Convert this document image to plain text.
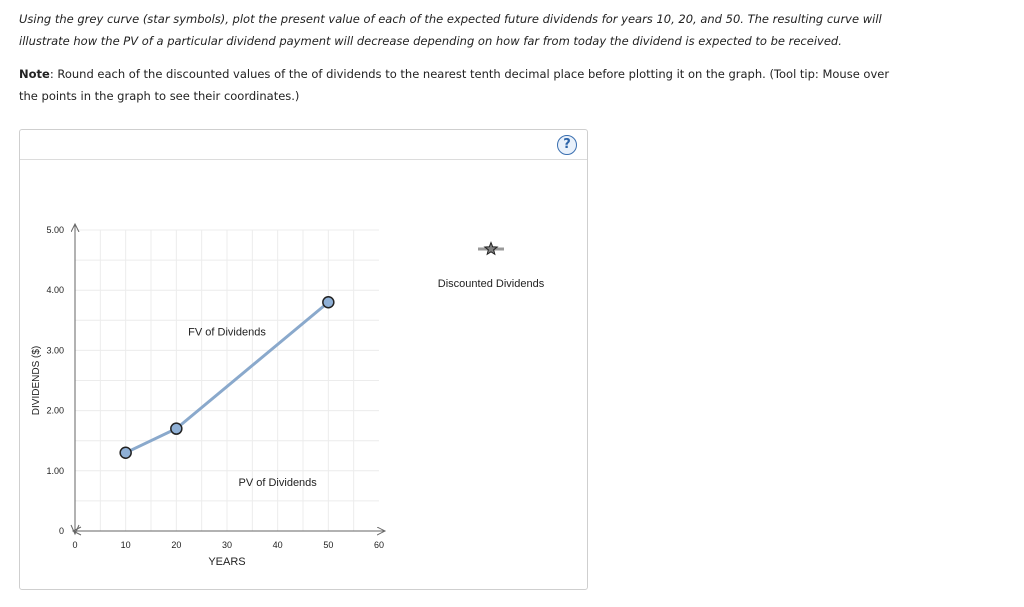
Using the grey curve (star symbols), plot the present value of each of the expected future dividends for years 10, 20, and 50. The resulting curve will
illustrate how the PV of a particular dividend payment will decrease depending on how far from today the dividend is expected to be received.
Note: Round each of the discounted values of the of dividends to the nearest tenth decimal place before plotting it on the graph. (Tool tip: Mouse over
the points in the graph to see their coordinates.)
?
0	10	20	30	40	50	60
0
1.00
2.00
3.00
4.00
5.00
YEARS
DIVIDENDS ($)
FV of Dividends
PV of Dividends
Discounted Dividends
